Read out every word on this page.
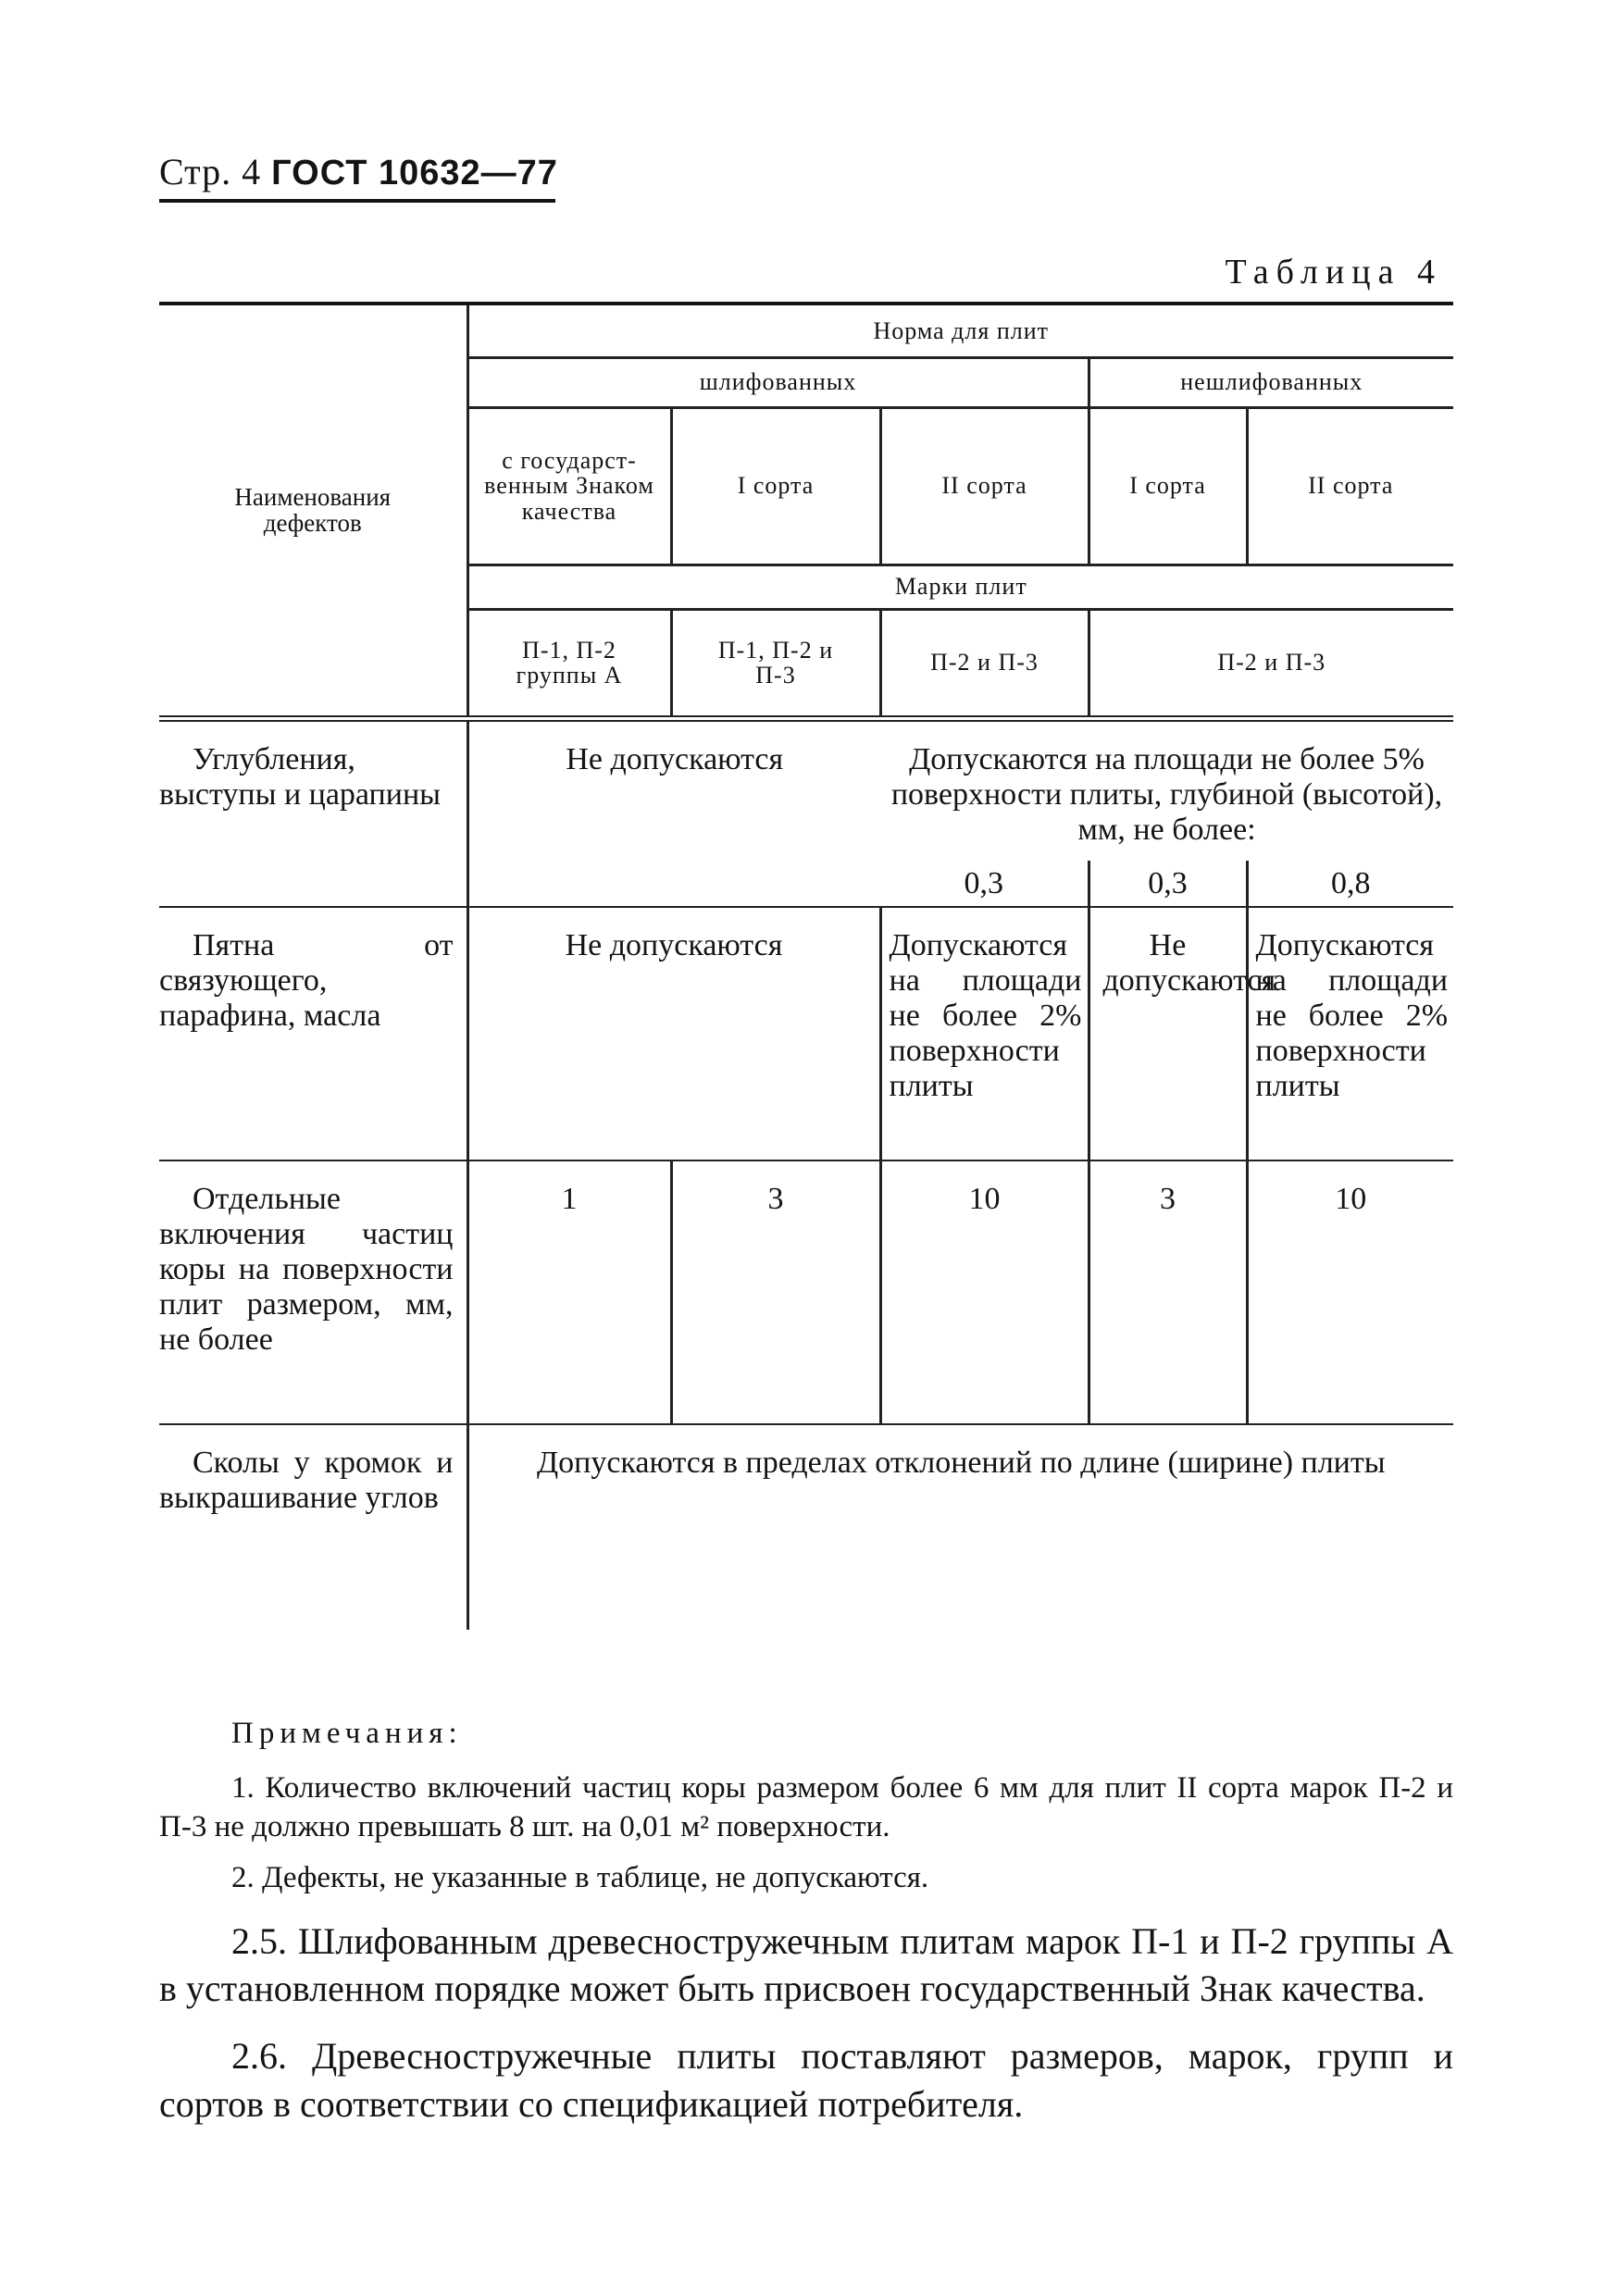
Стр. 4 ГОСТ 10632—77
Таблица 4
Наименования дефектов	Норма для плит				
	шлифованных			нешлифованных	
	с государст-венным Знаком качества	I сорта	II сорта	I сорта	II сорта
	Марки плит				
	П-1, П-2 группы А	П-1, П-2 и П-3	П-2 и П-3	П-2 и П-3	
Углубления, выступы и царапины	Не допускаются		Допускаются на площади не более 5% поверхности плиты, глубиной (высотой), мм, не более:		
			0,3	0,3	0,8
Пятна от связующего, парафина, масла	Не допускаются		Допускаются на площади не более 2% поверхности плиты	Не допускаются	Допускаются на площади не более 2% поверхности плиты
Отдельные включения частиц коры на поверхности плит размером, мм, не более	1	3	10	3	10
Сколы у кромок и выкрашивание углов	Допускаются в пределах отклонений по длине (ширине) плиты				
Примечания:
1. Количество включений частиц коры размером более 6 мм для плит II сорта марок П-2 и П-3 не должно превышать 8 шт. на 0,01 м² поверхности.
2. Дефекты, не указанные в таблице, не допускаются.
2.5. Шлифованным древесностружечным плитам марок П-1 и П-2 группы А в установленном порядке может быть присвоен государственный Знак качества.
2.6. Древесностружечные плиты поставляют размеров, марок, групп и сортов в соответствии со спецификацией потребителя.
